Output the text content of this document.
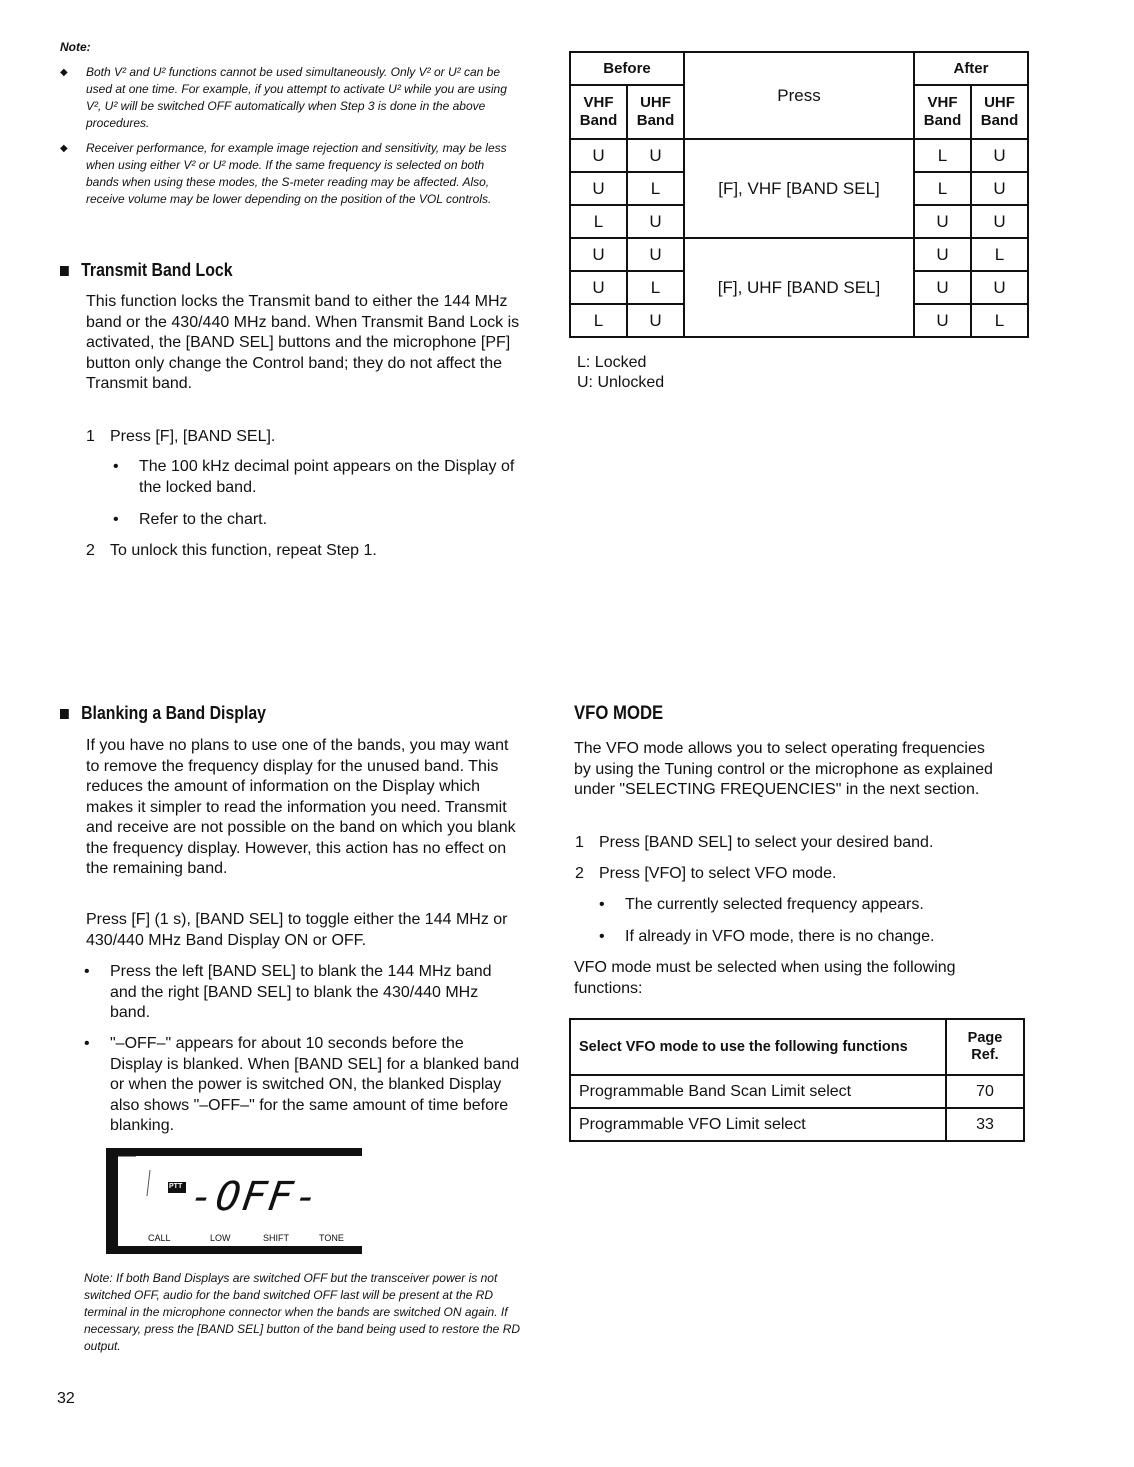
Note:
◆ Both V² and U² functions cannot be used simultaneously. Only V² or U² can be used at one time. For example, if you attempt to activate U² while you are using V², U² will be switched OFF automatically when Step 3 is done in the above procedures.
◆ Receiver performance, for example image rejection and sensitivity, may be less when using either V² or U² mode. If the same frequency is selected on both bands when using these modes, the S-meter reading may be affected. Also, receive volume may be lower depending on the position of the VOL controls.
Transmit Band Lock
This function locks the Transmit band to either the 144 MHz band or the 430/440 MHz band. When Transmit Band Lock is activated, the [BAND SEL] buttons and the microphone [PF] button only change the Control band; they do not affect the Transmit band.
1 Press [F], [BAND SEL].
• The 100 kHz decimal point appears on the Display of the locked band.
• Refer to the chart.
2 To unlock this function, repeat Step 1.
Before		Press	After	
VHF Band	UHF Band		VHF Band	UHF Band
U	U	[F], VHF [BAND SEL]	L	U
U	L		L	U
L	U		U	U
U	U	[F], UHF [BAND SEL]	U	L
U	L		U	U
L	U		U	L
L: Locked
U: Unlocked
Blanking a Band Display
If you have no plans to use one of the bands, you may want to remove the frequency display for the unused band. This reduces the amount of information on the Display which makes it simpler to read the information you need. Transmit and receive are not possible on the band on which you blank the frequency display. However, this action has no effect on the remaining band.
Press [F] (1 s), [BAND SEL] to toggle either the 144 MHz or 430/440 MHz Band Display ON or OFF.
• Press the left [BAND SEL] to blank the 144 MHz band and the right [BAND SEL] to blank the 430/440 MHz band.
• "–OFF–" appears for about 10 seconds before the Display is blanked. When [BAND SEL] for a blanked band or when the power is switched ON, the blanked Display also shows "–OFF–" for the same amount of time before blanking.
PTT -OFF-
CALL	LOW	SHIFT	TONE
Note: If both Band Displays are switched OFF but the transceiver power is not switched OFF, audio for the band switched OFF last will be present at the RD terminal in the microphone connector when the bands are switched ON again. If necessary, press the [BAND SEL] button of the band being used to restore the RD output.
VFO MODE
The VFO mode allows you to select operating frequencies by using the Tuning control or the microphone as explained under "SELECTING FREQUENCIES" in the next section.
1 Press [BAND SEL] to select your desired band.
2 Press [VFO] to select VFO mode.
• The currently selected frequency appears.
• If already in VFO mode, there is no change.
VFO mode must be selected when using the following functions:
Select VFO mode to use the following functions	Page Ref.
Programmable Band Scan Limit select	70
Programmable VFO Limit select	33
32
